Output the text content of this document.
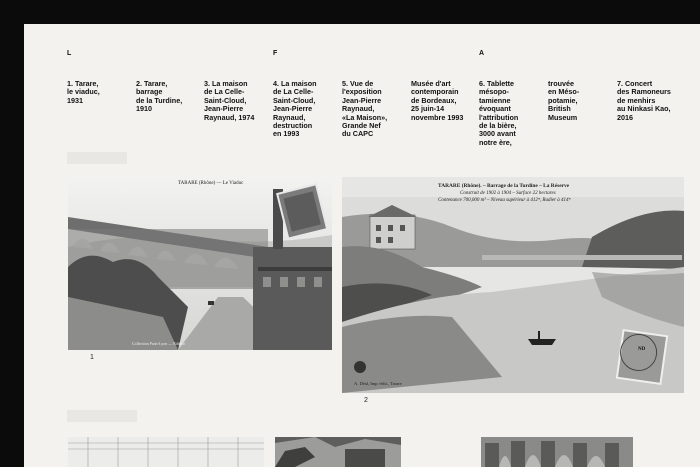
L	F	A
1. Tarare,
le viaduc,
1931
2. Tarare,
barrage
de la Turdine,
1910
3. La maison
de La Celle-
Saint-Cloud,
Jean-Pierre
Raynaud, 1974
4. La maison
de La Celle-
Saint-Cloud,
Jean-Pierre
Raynaud,
destruction
en 1993
5. Vue de
l'exposition
Jean-Pierre
Raynaud,
«La Maison»,
Grande Nef
du CAPC
Musée d'art
contemporain
de Bordeaux,
25 juin-14
novembre 1993
6. Tablette
mésopo-
tamienne
évoquant
l'attribution
de la bière,
3000 avant
notre ère,
trouvée
en Méso-
potamie,
British
Museum
7. Concert
des Ramoneurs
de menhirs
au Ninkasi Kao,
2016
TARARE (Rhône) — Le Viaduc
Collection Paris-Lyon — Editeur
1
TARARE (Rhône). – Barrage de la Turdine – La Réserve
Construit de 1902 à 1904 – Surface 22 hectares
Contenance 700,000 m³ – Niveau supérieur à 412ᵐ, Radier à 414ᵐ
A. Déal, Imp.-édit., Tarare
ND
2
